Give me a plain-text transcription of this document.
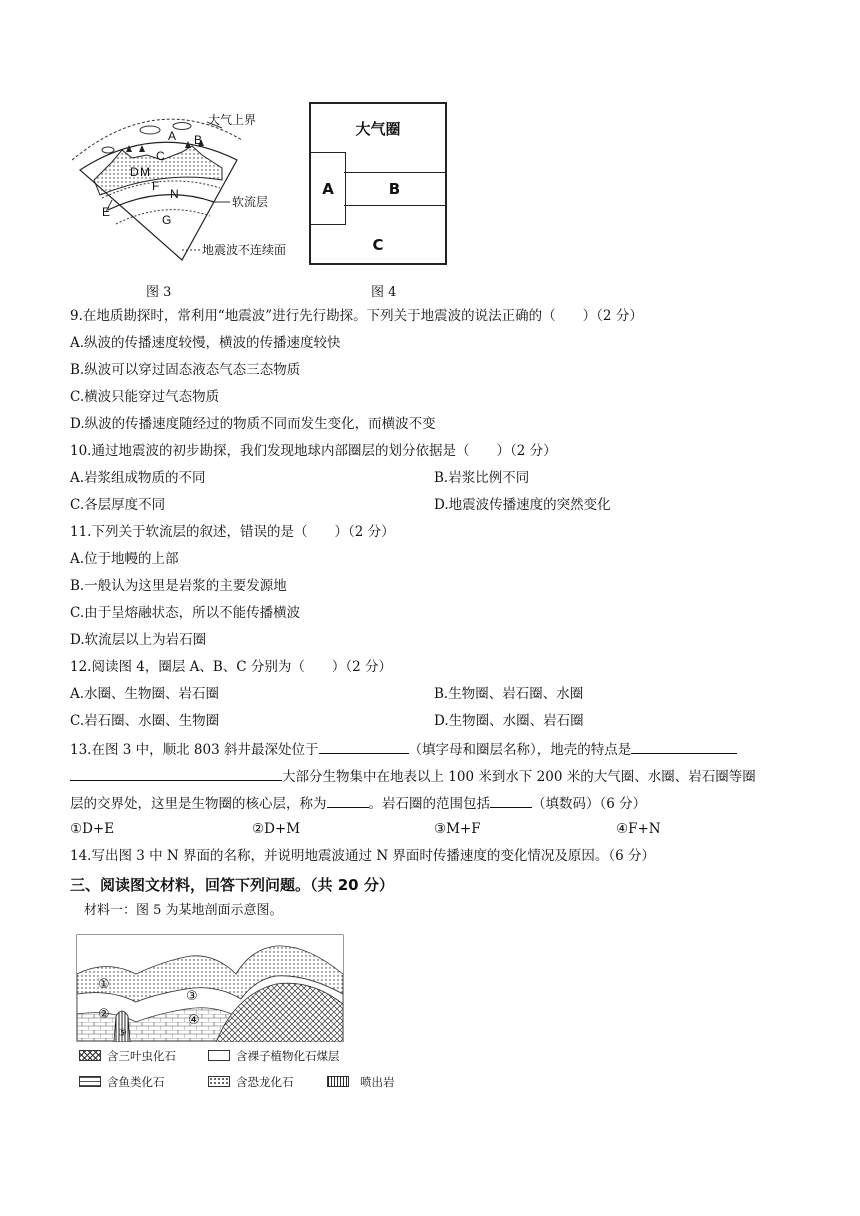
大气上界
A B
C
D M
F
N
E
G
软流层
地震波不连续面
图 3
大气圈
A	B
C
图 4
9.在地质勘探时，常利用“地震波”进行先行勘探。下列关于地震波的说法正确的（　　）（2 分）
A.纵波的传播速度较慢，横波的传播速度较快
B.纵波可以穿过固态液态气态三态物质
C.横波只能穿过气态物质
D.纵波的传播速度随经过的物质不同而发生变化，而横波不变
10.通过地震波的初步勘探，我们发现地球内部圈层的划分依据是（　　）（2 分）
A.岩浆组成物质的不同	B.岩浆比例不同
C.各层厚度不同	D.地震波传播速度的突然变化
11.下列关于软流层的叙述，错误的是（　　）（2 分）
A.位于地幔的上部
B.一般认为这里是岩浆的主要发源地
C.由于呈熔融状态，所以不能传播横波
D.软流层以上为岩石圈
12.阅读图 4，圈层 A、B、C 分别为（　　）（2 分）
A.水圈、生物圈、岩石圈	B.生物圈、岩石圈、水圈
C.岩石圈、水圈、生物圈	D.生物圈、水圈、岩石圈
13.在图 3 中，顺北 803 斜井最深处位于	（填字母和圈层名称），地壳的特点是
大部分生物集中在地表以上 100 米到水下 200 米的大气圈、水圈、岩石圈等圈
层的交界处，这里是生物圈的核心层，称为	。岩石圈的范围包括	（填数码）（6 分）
①D+E	②D+M	③M+F	④F+N
14.写出图 3 中 N 界面的名称，并说明地震波通过 N 界面时传播速度的变化情况及原因。（6 分）
三、阅读图文材料，回答下列问题。（共 20 分）
材料一：图 5 为某地剖面示意图。
①
②
③
④
⑤
含三叶虫化石	含裸子植物化石煤层
含鱼类化石	含恐龙化石	喷出岩
